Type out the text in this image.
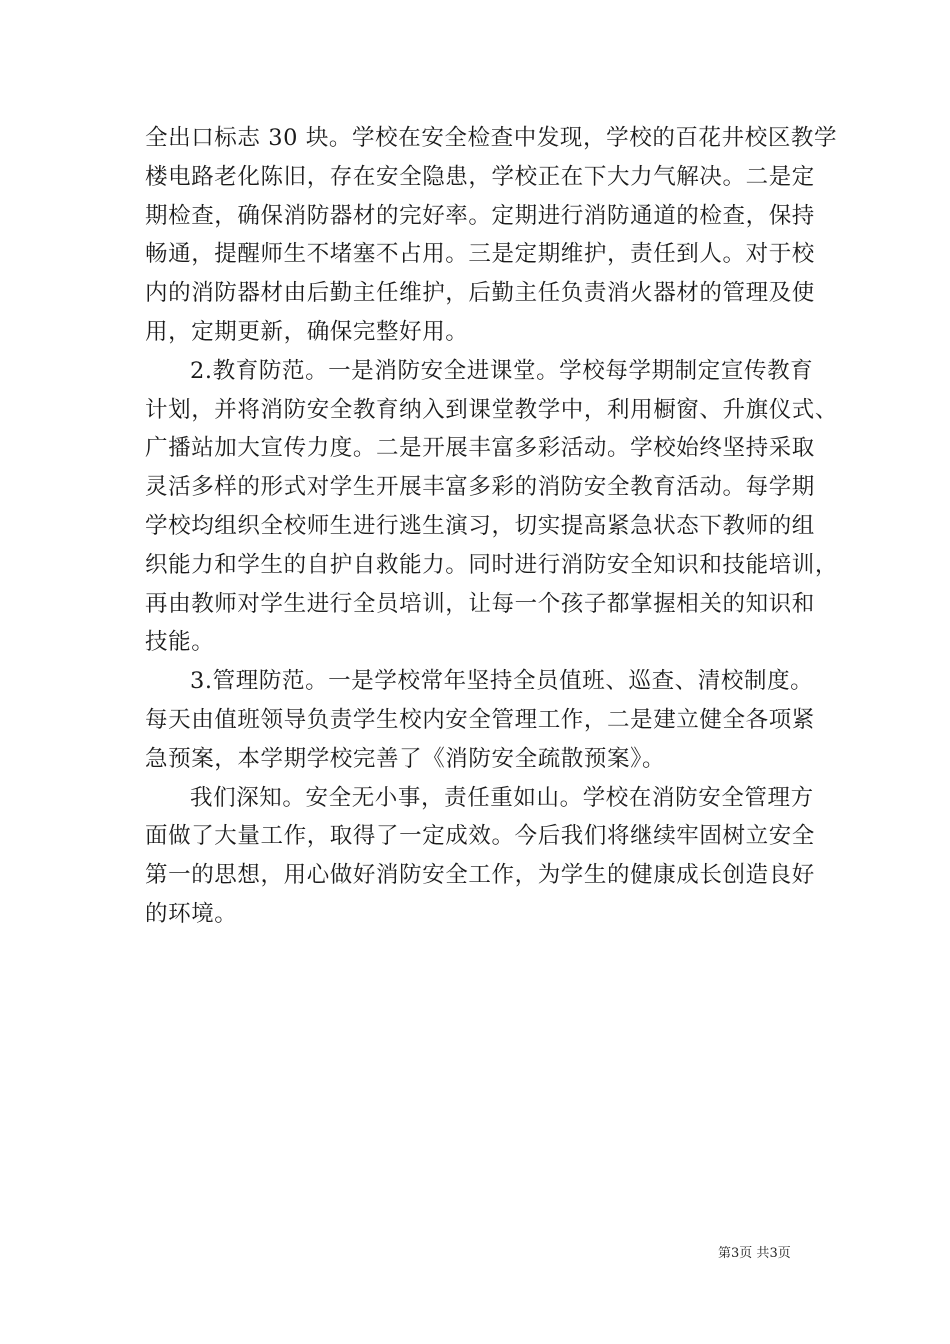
全出口标志 30 块。学校在安全检查中发现，学校的百花井校区教学
楼电路老化陈旧，存在安全隐患，学校正在下大力气解决。二是定
期检查，确保消防器材的完好率。定期进行消防通道的检查，保持
畅通，提醒师生不堵塞不占用。三是定期维护，责任到人。对于校
内的消防器材由后勤主任维护，后勤主任负责消火器材的管理及使
用，定期更新，确保完整好用。
2.教育防范。一是消防安全进课堂。学校每学期制定宣传教育
计划，并将消防安全教育纳入到课堂教学中，利用橱窗、升旗仪式、
广播站加大宣传力度。二是开展丰富多彩活动。学校始终坚持采取
灵活多样的形式对学生开展丰富多彩的消防安全教育活动。每学期
学校均组织全校师生进行逃生演习，切实提高紧急状态下教师的组
织能力和学生的自护自救能力。同时进行消防安全知识和技能培训，
再由教师对学生进行全员培训，让每一个孩子都掌握相关的知识和
技能。
3.管理防范。一是学校常年坚持全员值班、巡查、清校制度。
每天由值班领导负责学生校内安全管理工作，二是建立健全各项紧
急预案，本学期学校完善了《消防安全疏散预案》。
我们深知。安全无小事，责任重如山。学校在消防安全管理方
面做了大量工作，取得了一定成效。今后我们将继续牢固树立安全
第一的思想，用心做好消防安全工作，为学生的健康成长创造良好
的环境。
第3页 共3页
